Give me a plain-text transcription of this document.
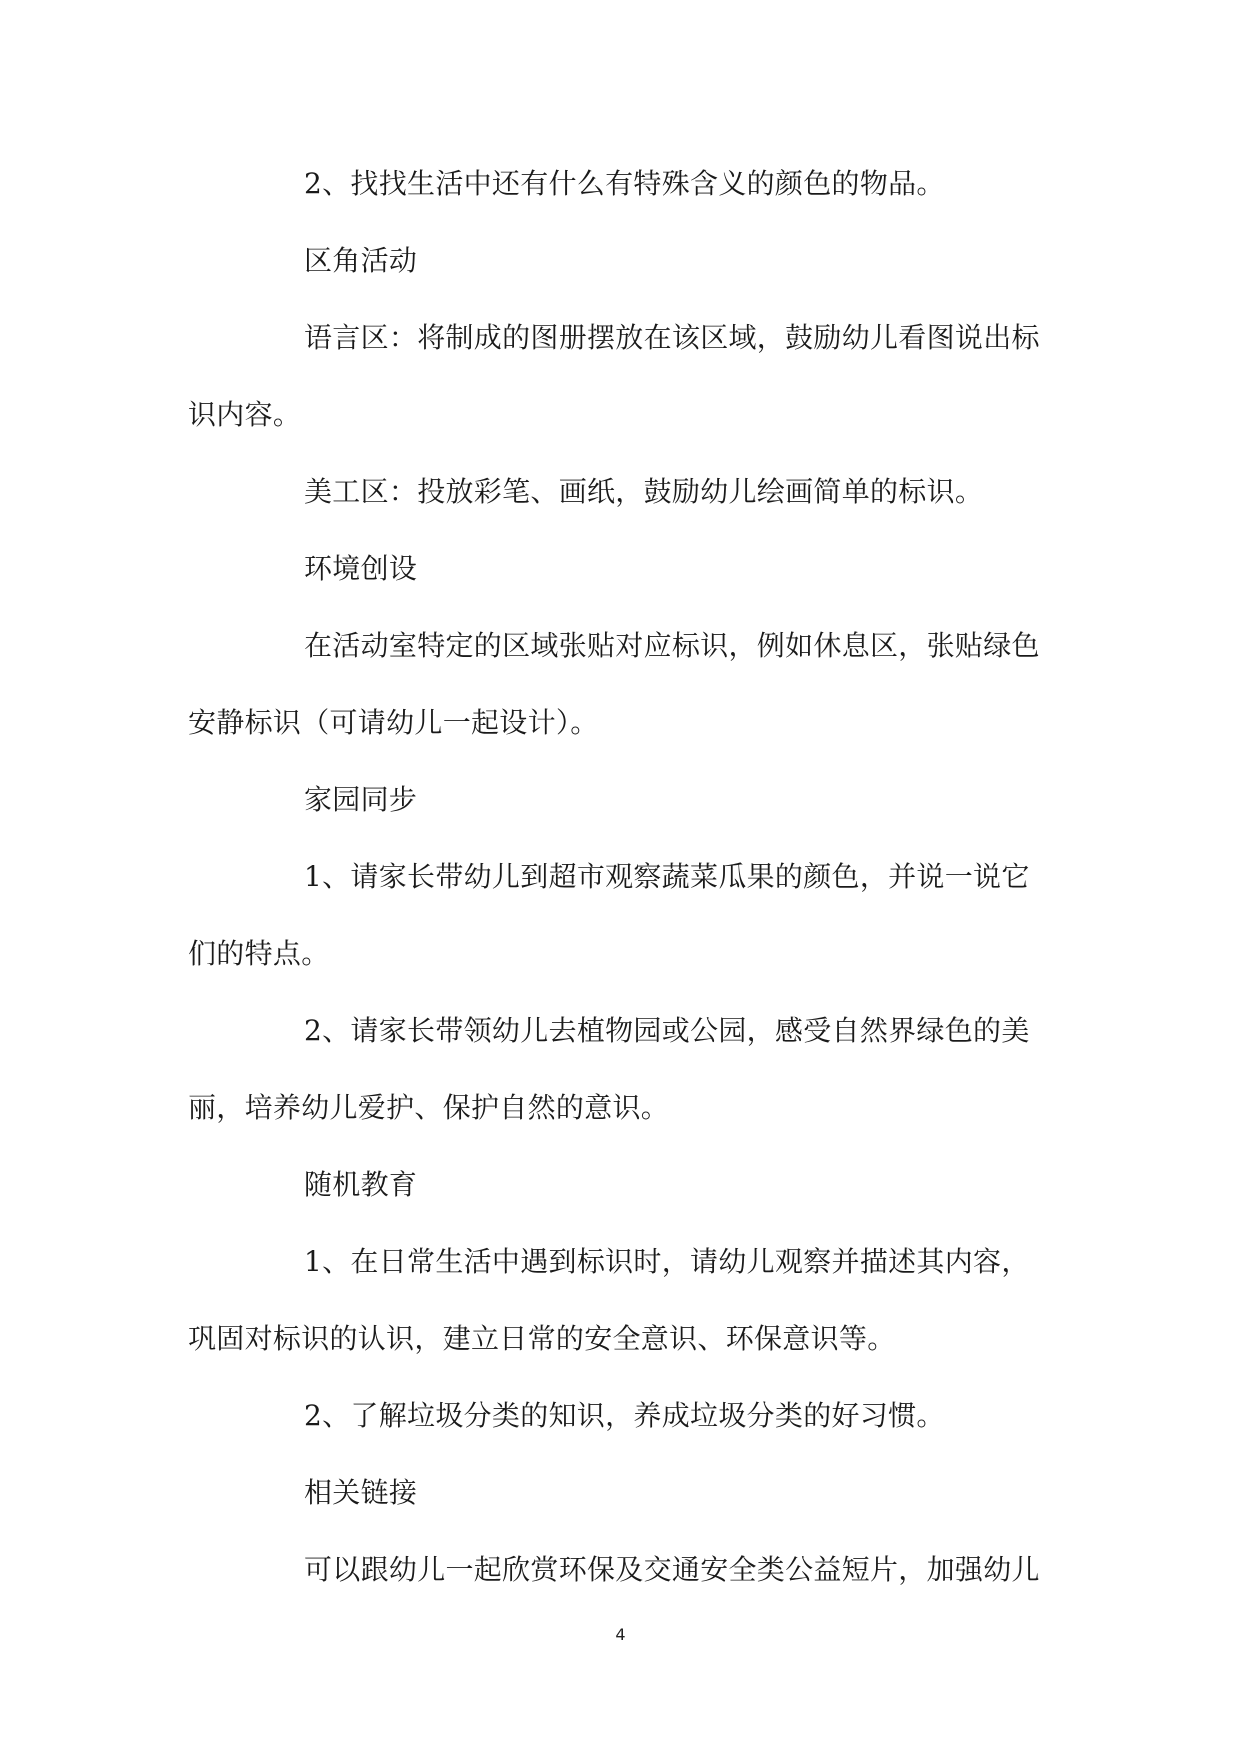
2、找找生活中还有什么有特殊含义的颜色的物品。

区角活动

语言区：将制成的图册摆放在该区域，鼓励幼儿看图说出标
识内容。

美工区：投放彩笔、画纸，鼓励幼儿绘画简单的标识。

环境创设

在活动室特定的区域张贴对应标识，例如休息区，张贴绿色
安静标识（可请幼儿一起设计）。

家园同步

1、请家长带幼儿到超市观察蔬菜瓜果的颜色，并说一说它
们的特点。

2、请家长带领幼儿去植物园或公园，感受自然界绿色的美
丽，培养幼儿爱护、保护自然的意识。

随机教育

1、在日常生活中遇到标识时，请幼儿观察并描述其内容，
巩固对标识的认识，建立日常的安全意识、环保意识等。

2、了解垃圾分类的知识，养成垃圾分类的好习惯。

相关链接

可以跟幼儿一起欣赏环保及交通安全类公益短片，加强幼儿

4
